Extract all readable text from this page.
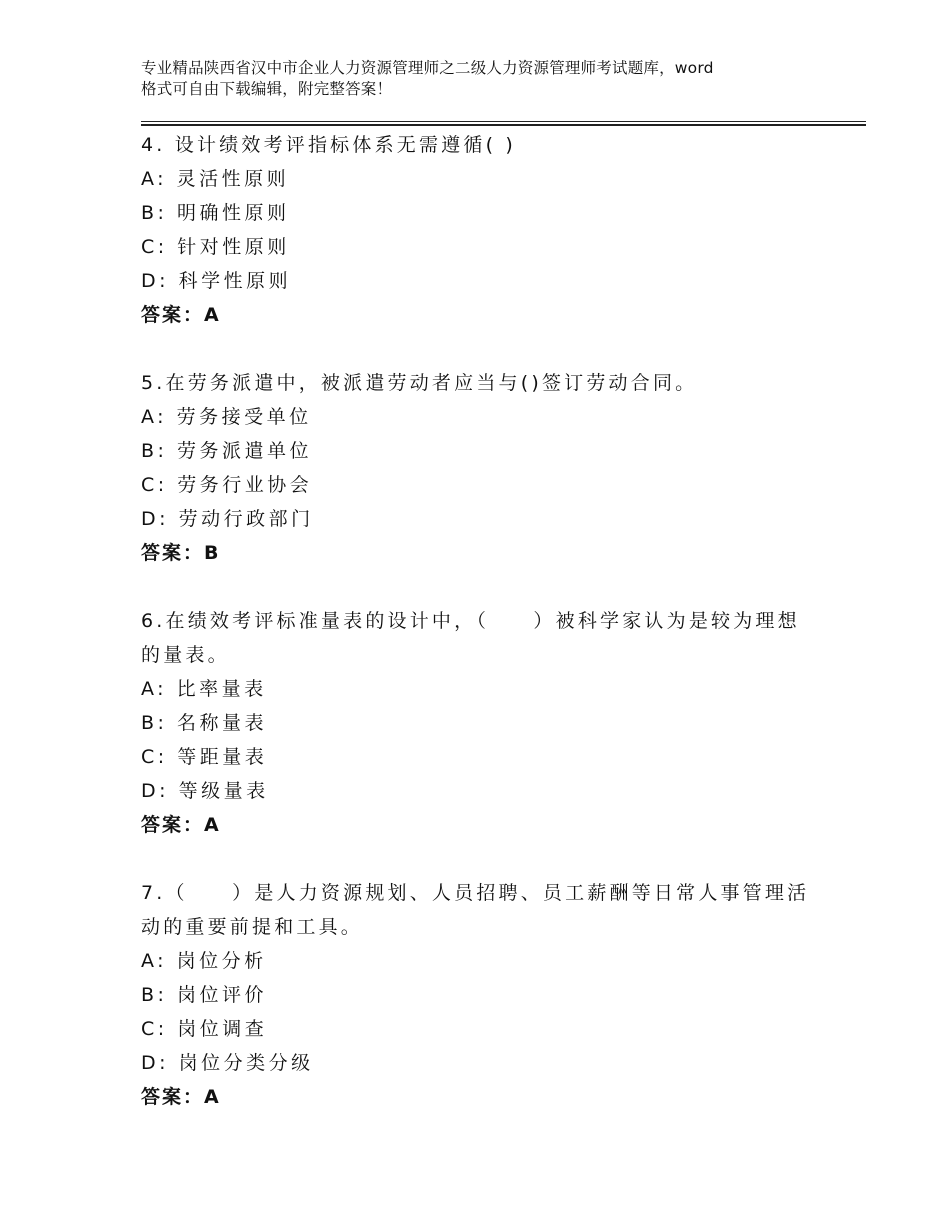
专业精品陕西省汉中市企业人力资源管理师之二级人力资源管理师考试题库，word
格式可自由下载编辑，附完整答案！
4. 设计绩效考评指标体系无需遵循( )
A: 灵活性原则
B: 明确性原则
C: 针对性原则
D: 科学性原则
答案：A
5.在劳务派遣中，被派遣劳动者应当与()签订劳动合同。
A: 劳务接受单位
B: 劳务派遣单位
C: 劳务行业协会
D: 劳动行政部门
答案：B
6.在绩效考评标准量表的设计中，（　　）被科学家认为是较为理想
的量表。
A: 比率量表
B: 名称量表
C: 等距量表
D: 等级量表
答案：A
7.（　　）是人力资源规划、人员招聘、员工薪酬等日常人事管理活
动的重要前提和工具。
A: 岗位分析
B: 岗位评价
C: 岗位调查
D: 岗位分类分级
答案：A
